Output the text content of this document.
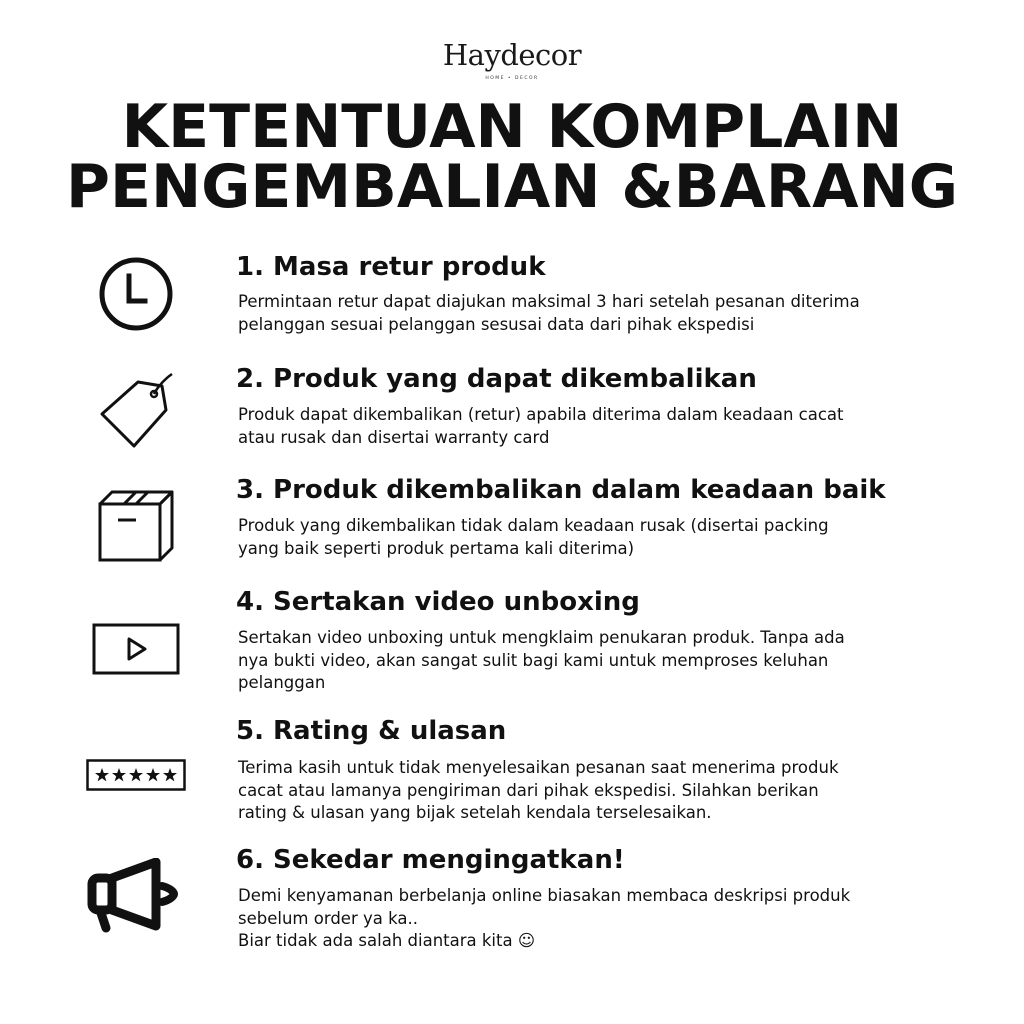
Haydecor
HOME • DECOR
KETENTUAN KOMPLAIN
PENGEMBALIAN &BARANG
1. Masa retur produk
Permintaan retur dapat diajukan maksimal 3 hari setelah pesanan diterima
pelanggan sesuai pelanggan sesusai data dari pihak ekspedisi
2. Produk yang dapat dikembalikan
Produk dapat dikembalikan (retur) apabila diterima dalam keadaan cacat
atau rusak dan disertai warranty card
3. Produk dikembalikan dalam keadaan baik
Produk yang dikembalikan tidak dalam keadaan rusak (disertai packing
yang baik seperti produk pertama kali diterima)
4. Sertakan video unboxing
Sertakan video unboxing untuk mengklaim penukaran produk. Tanpa ada
nya bukti video, akan sangat sulit bagi kami untuk memproses keluhan
pelanggan
5. Rating & ulasan
Terima kasih untuk tidak menyelesaikan pesanan saat menerima produk
cacat atau lamanya pengiriman dari pihak ekspedisi. Silahkan berikan
rating & ulasan yang bijak setelah kendala terselesaikan.
6. Sekedar mengingatkan!
Demi kenyamanan berbelanja online biasakan membaca deskripsi produk
sebelum order ya ka..
Biar tidak ada salah diantara kita ☺
